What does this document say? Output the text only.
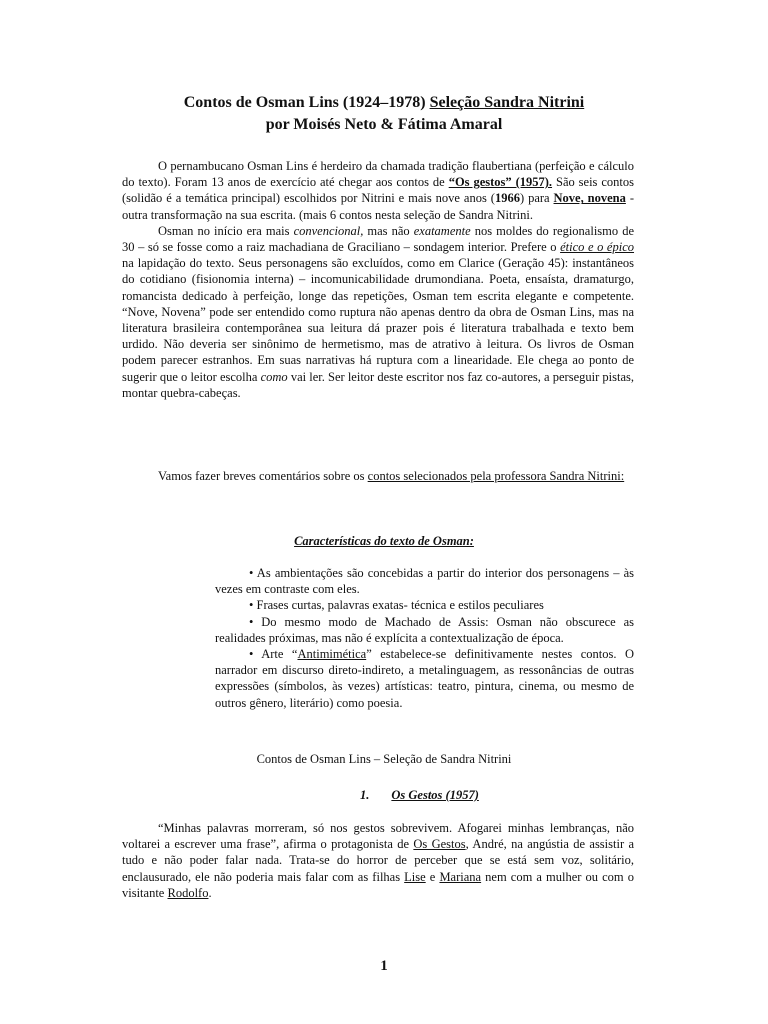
Contos de Osman Lins (1924–1978) Seleção Sandra Nitrini
por Moisés Neto & Fátima Amaral

O pernambucano Osman Lins é herdeiro da chamada tradição flaubertiana (perfeição e cálculo do texto). Foram 13 anos de exercício até chegar aos contos de “Os gestos” (1957). São seis contos (solidão é a temática principal) escolhidos por Nitrini e mais nove anos (1966) para Nove, novena - outra transformação na sua escrita. (mais 6 contos nesta seleção de Sandra Nitrini.

Osman no início era mais convencional, mas não exatamente nos moldes do regionalismo de 30 – só se fosse como a raiz machadiana de Graciliano – sondagem interior. Prefere o ético e o épico na lapidação do texto. Seus personagens são excluídos, como em Clarice (Geração 45): instantâneos do cotidiano (fisionomia interna) – incomunicabilidade drumondiana. Poeta, ensaísta, dramaturgo, romancista dedicado à perfeição, longe das repetições, Osman tem escrita elegante e competente. “Nove, Novena” pode ser entendido como ruptura não apenas dentro da obra de Osman Lins, mas na literatura brasileira contemporânea sua leitura dá prazer pois é literatura trabalhada e texto bem urdido. Não deveria ser sinônimo de hermetismo, mas de atrativo à leitura. Os livros de Osman podem parecer estranhos. Em suas narrativas há ruptura com a linearidade. Ele chega ao ponto de sugerir que o leitor escolha como vai ler. Ser leitor deste escritor nos faz co-autores, a perseguir pistas, montar quebra-cabeças.

Vamos fazer breves comentários sobre os contos selecionados pela professora Sandra Nitrini:

Características do texto de Osman:

• As ambientações são concebidas a partir do interior dos personagens – às vezes em contraste com eles.

• Frases curtas, palavras exatas- técnica e estilos peculiares

• Do mesmo modo de Machado de Assis: Osman não obscurece as realidades próximas, mas não é explícita a contextualização de época.

• Arte “Antimimética” estabelece-se definitivamente nestes contos. O narrador em discurso direto-indireto, a metalinguagem, as ressonâncias de outras expressões (símbolos, às vezes) artísticas: teatro, pintura, cinema, ou mesmo de outros gênero, literário) como poesia.

Contos de Osman Lins – Seleção de Sandra Nitrini
1. Os Gestos (1957)

“Minhas palavras morreram, só nos gestos sobrevivem. Afogarei minhas lembranças, não voltarei a escrever uma frase”, afirma o protagonista de Os Gestos, André, na angústia de assistir a tudo e não poder falar nada. Trata-se do horror de perceber que se está sem voz, solitário, enclausurado, ele não poderia mais falar com as filhas Lise e Mariana nem com a mulher ou com o visitante Rodolfo.

1
